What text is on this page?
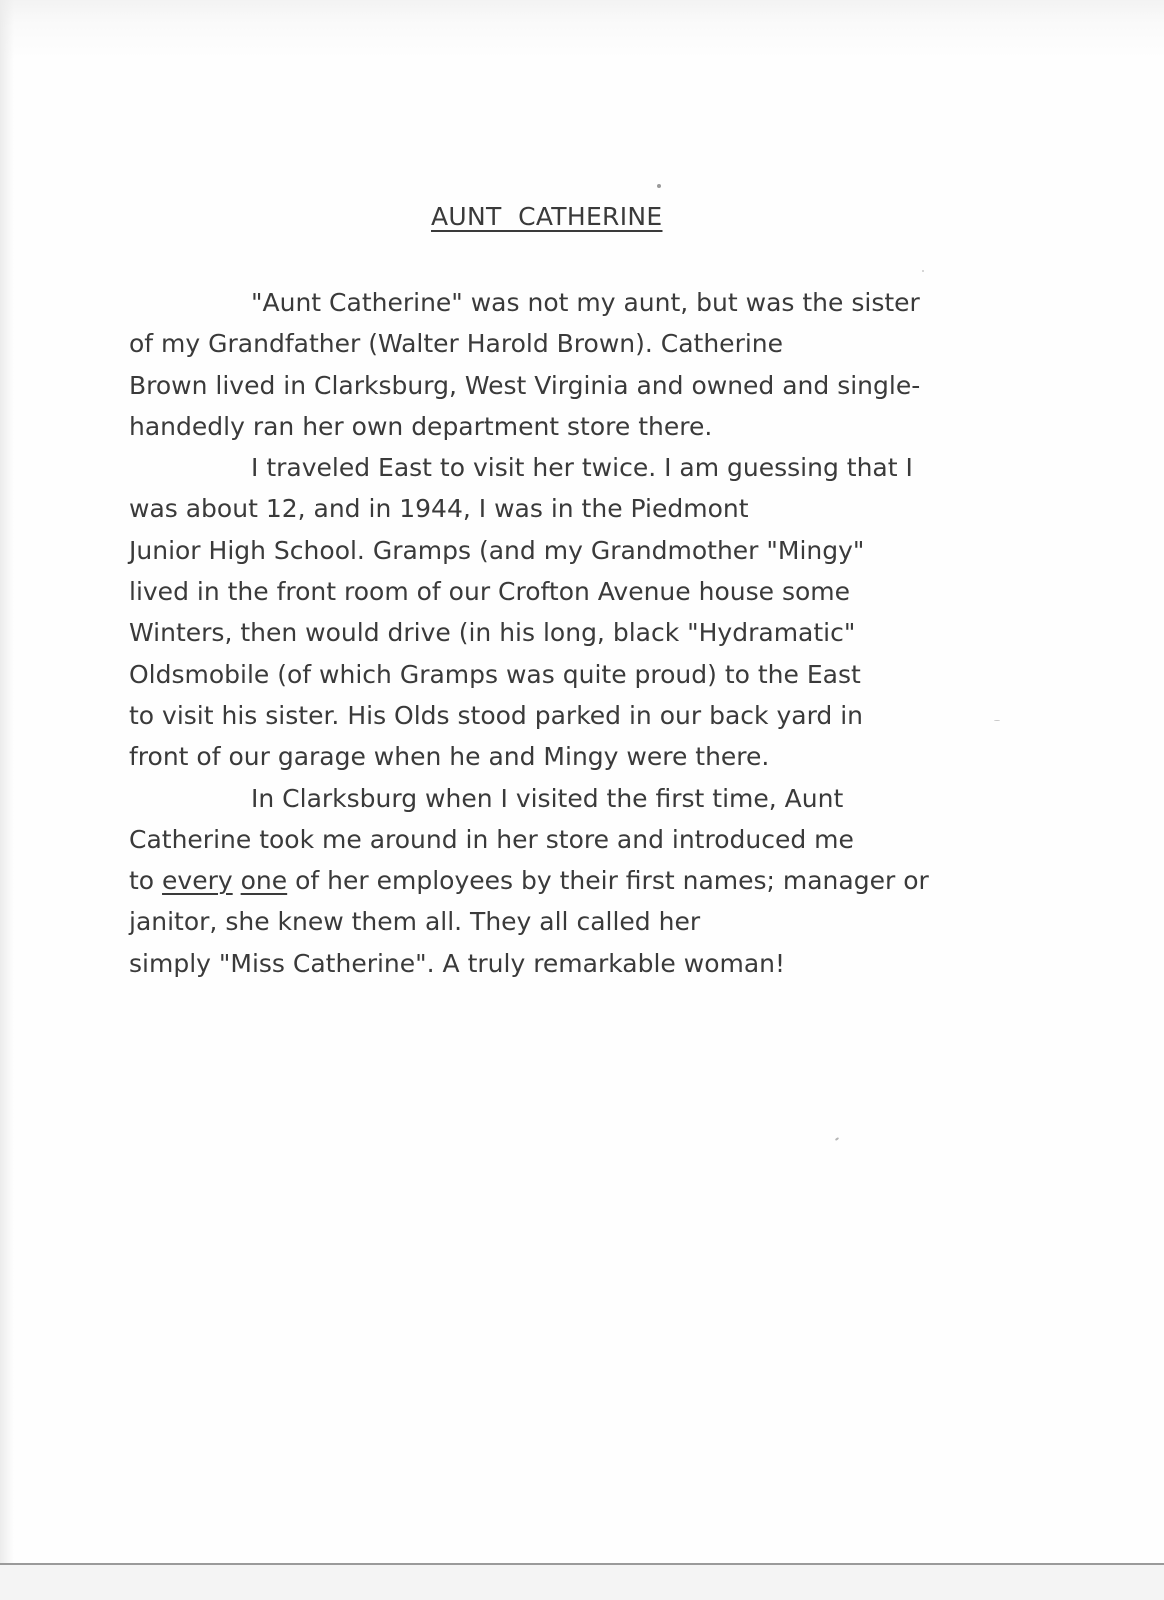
AUNT  CATHERINE
"Aunt Catherine" was not my aunt, but was the sister
of my Grandfather (Walter Harold Brown). Catherine
Brown lived in Clarksburg, West Virginia and owned and single-
handedly ran her own department store there.
I traveled East to visit her twice. I am guessing that I
was about 12, and in 1944, I was in the Piedmont
Junior High School. Gramps (and my Grandmother "Mingy"
lived in the front room of our Crofton Avenue house some
Winters, then would drive (in his long, black "Hydramatic"
Oldsmobile (of which Gramps was quite proud) to the East
to visit his sister. His Olds stood parked in our back yard in
front of our garage when he and Mingy were there.
In Clarksburg when I visited the first time, Aunt
Catherine took me around in her store and introduced me
to every one of her employees by their first names; manager or
janitor, she knew them all. They all called her
simply "Miss Catherine". A truly remarkable woman!
